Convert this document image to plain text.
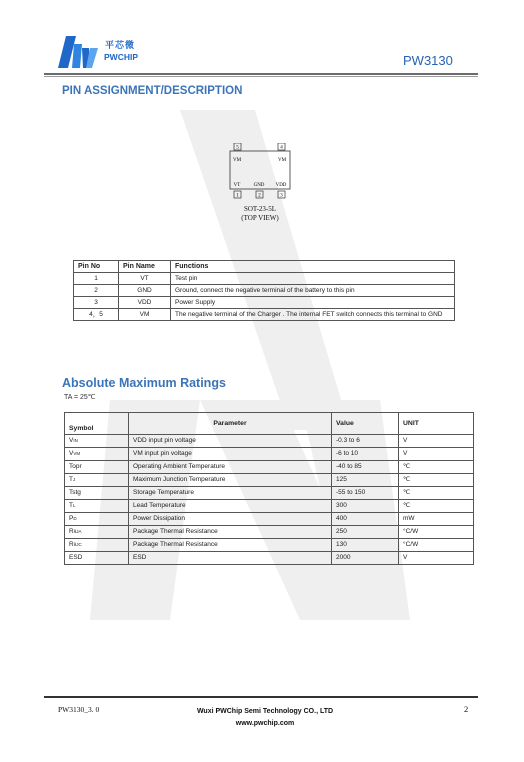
平芯微
PWCHIP	PW3130
PIN ASSIGNMENT/DESCRIPTION
5	4
VM	VM
VT	GND VDD
1	2	3
SOT-23-5L
(TOP VIEW)
Pin No	Pin Name	Functions
1	VT	Test pin
2	GND	Ground, connect the negative terminal of the battery to this pin
3	VDD	Power Supply
4，5	VM	The negative terminal of the Charger . The internal FET switch connects this terminal to GND
Absolute Maximum Ratings
TA = 25℃
Symbol	Parameter	Value	UNIT
VIN	VDD input pin voltage	-0.3 to 6	V
VVM	VM input pin voltage	-6 to 10	V
Topr	Operating Ambient Temperature	-40 to 85	℃
TJ	Maximum Junction Temperature	125	℃
Tstg	Storage Temperature	-55 to 150	℃
TL	Lead Temperature	300	℃
PD	Power Dissipation	400	mW
RθJA	Package Thermal Resistance	250	°C/W
RθJC	Package Thermal Resistance	130	°C/W
ESD	ESD	2000	V
PW3130_3. 0	Wuxi PWChip Semi Technology CO., LTD
www.pwchip.com
2
